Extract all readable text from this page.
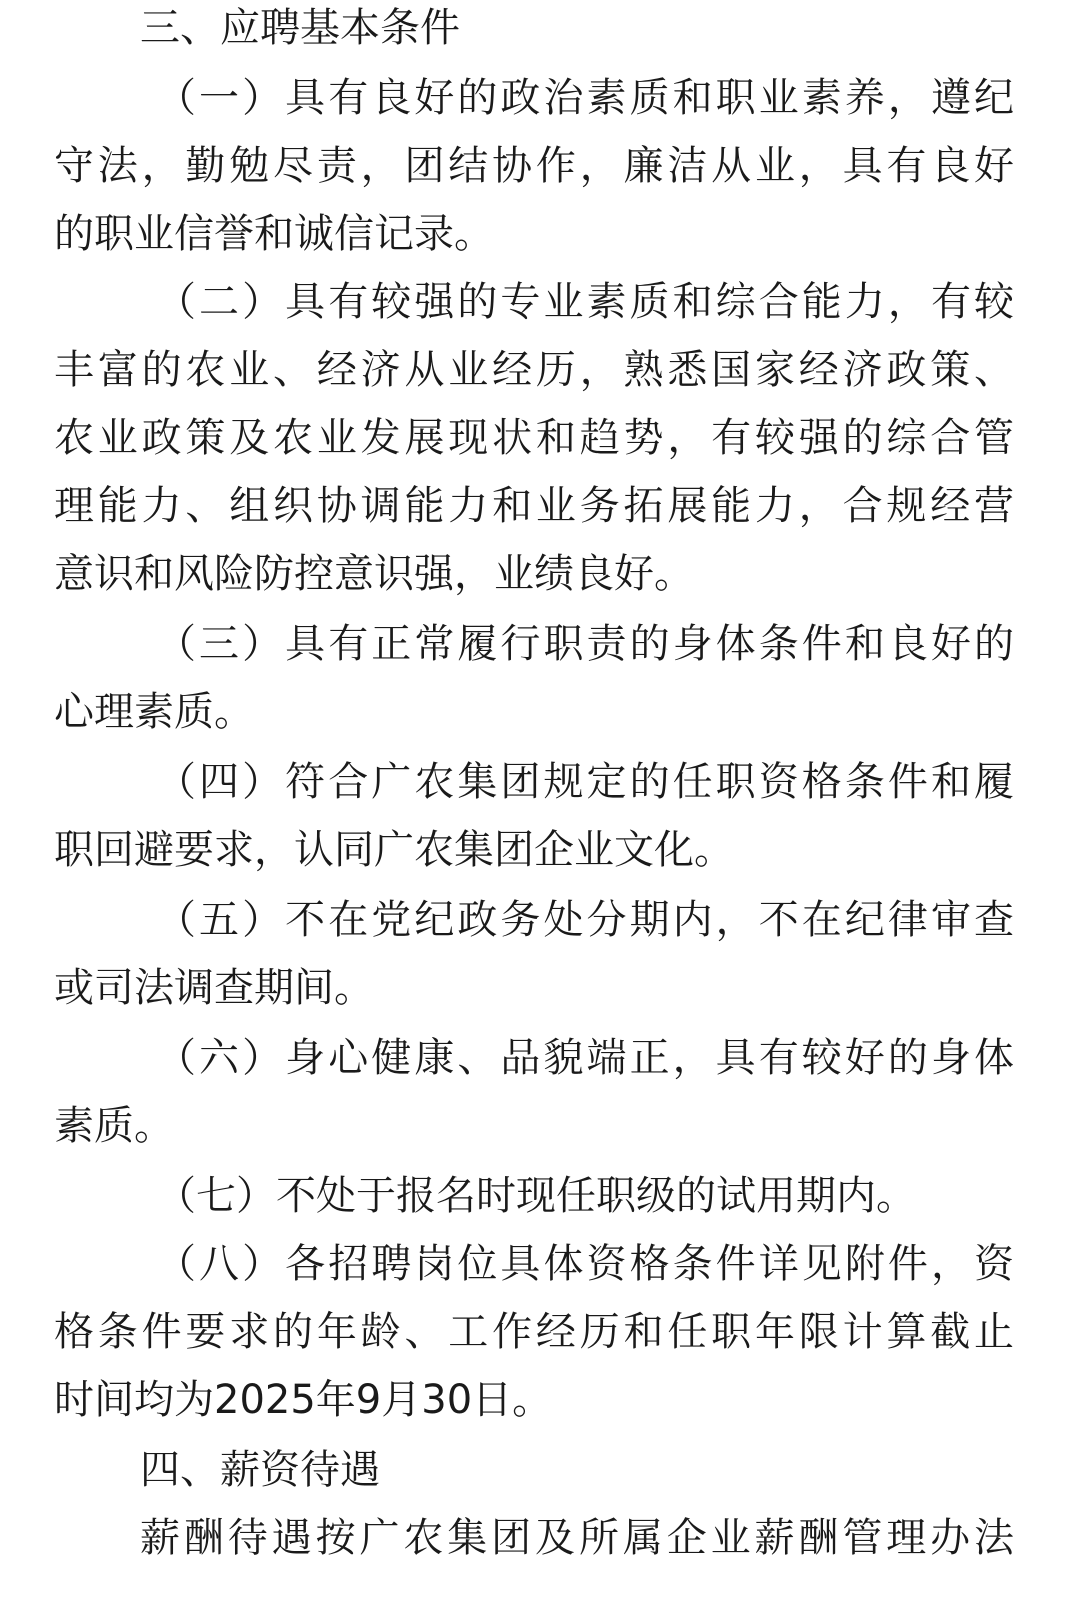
三、应聘基本条件
（一）具有良好的政治素质和职业素养，遵纪
守法，勤勉尽责，团结协作，廉洁从业，具有良好
的职业信誉和诚信记录。
（二）具有较强的专业素质和综合能力，有较
丰富的农业、经济从业经历，熟悉国家经济政策、
农业政策及农业发展现状和趋势，有较强的综合管
理能力、组织协调能力和业务拓展能力，合规经营
意识和风险防控意识强，业绩良好。
（三）具有正常履行职责的身体条件和良好的
心理素质。
（四）符合广农集团规定的任职资格条件和履
职回避要求，认同广农集团企业文化。
（五）不在党纪政务处分期内，不在纪律审查
或司法调查期间。
（六）身心健康、品貌端正，具有较好的身体
素质。
（七）不处于报名时现任职级的试用期内。
（八）各招聘岗位具体资格条件详见附件，资
格条件要求的年龄、工作经历和任职年限计算截止
时间均为2025年9月30日。
四、薪资待遇
薪酬待遇按广农集团及所属企业薪酬管理办法
